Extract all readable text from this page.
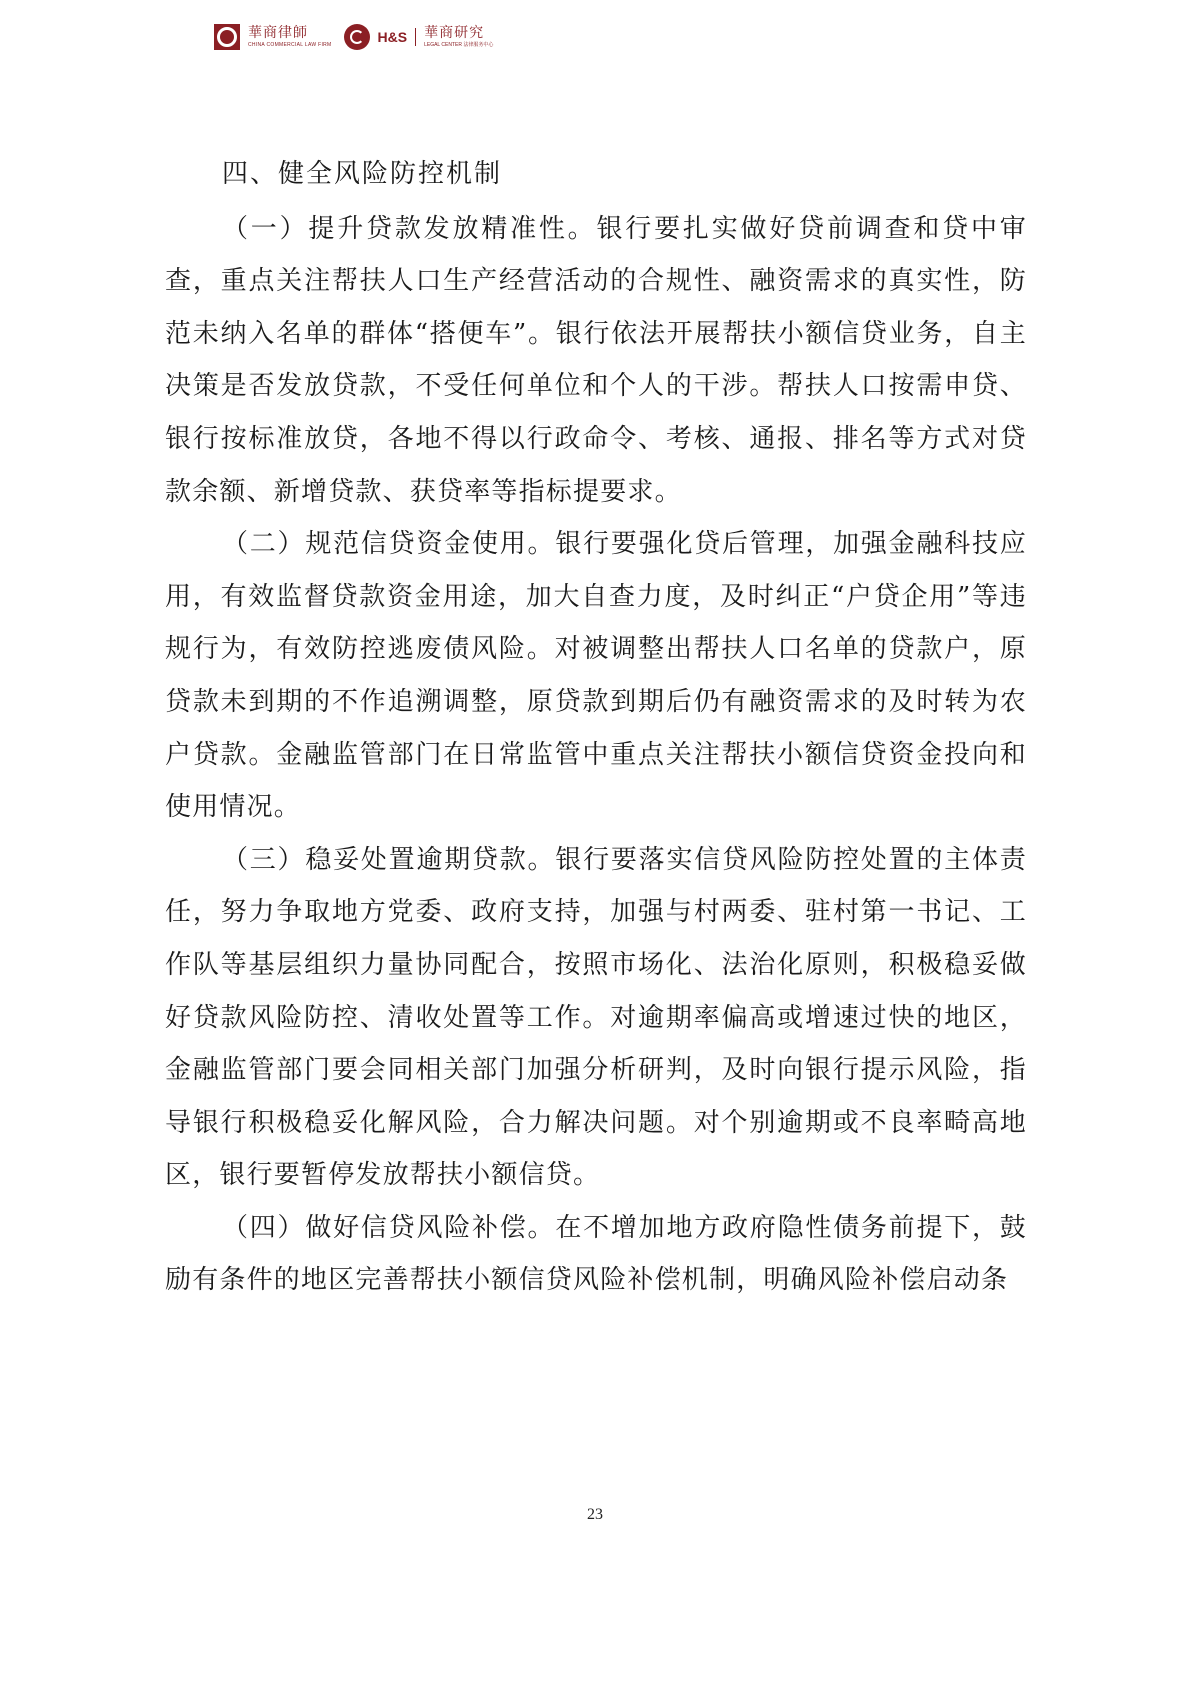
華商律師
CHINA COMMERCIAL LAW FIRM	H&S 華商研究
LEGAL CENTER 法律服务中心

四、健全风险防控机制

（一）提升贷款发放精准性。银行要扎实做好贷前调查和贷中审查，重点关注帮扶人口生产经营活动的合规性、融资需求的真实性，防范未纳入名单的群体“搭便车”。银行依法开展帮扶小额信贷业务，自主决策是否发放贷款，不受任何单位和个人的干涉。帮扶人口按需申贷、银行按标准放贷，各地不得以行政命令、考核、通报、排名等方式对贷款余额、新增贷款、获贷率等指标提要求。

（二）规范信贷资金使用。银行要强化贷后管理，加强金融科技应用，有效监督贷款资金用途，加大自查力度，及时纠正“户贷企用”等违规行为，有效防控逃废债风险。对被调整出帮扶人口名单的贷款户，原贷款未到期的不作追溯调整，原贷款到期后仍有融资需求的及时转为农户贷款。金融监管部门在日常监管中重点关注帮扶小额信贷资金投向和使用情况。

（三）稳妥处置逾期贷款。银行要落实信贷风险防控处置的主体责任，努力争取地方党委、政府支持，加强与村两委、驻村第一书记、工作队等基层组织力量协同配合，按照市场化、法治化原则，积极稳妥做好贷款风险防控、清收处置等工作。对逾期率偏高或增速过快的地区，金融监管部门要会同相关部门加强分析研判，及时向银行提示风险，指导银行积极稳妥化解风险，合力解决问题。对个别逾期或不良率畸高地区，银行要暂停发放帮扶小额信贷。

（四）做好信贷风险补偿。在不增加地方政府隐性债务前提下，鼓励有条件的地区完善帮扶小额信贷风险补偿机制，明确风险补偿启动条

23
